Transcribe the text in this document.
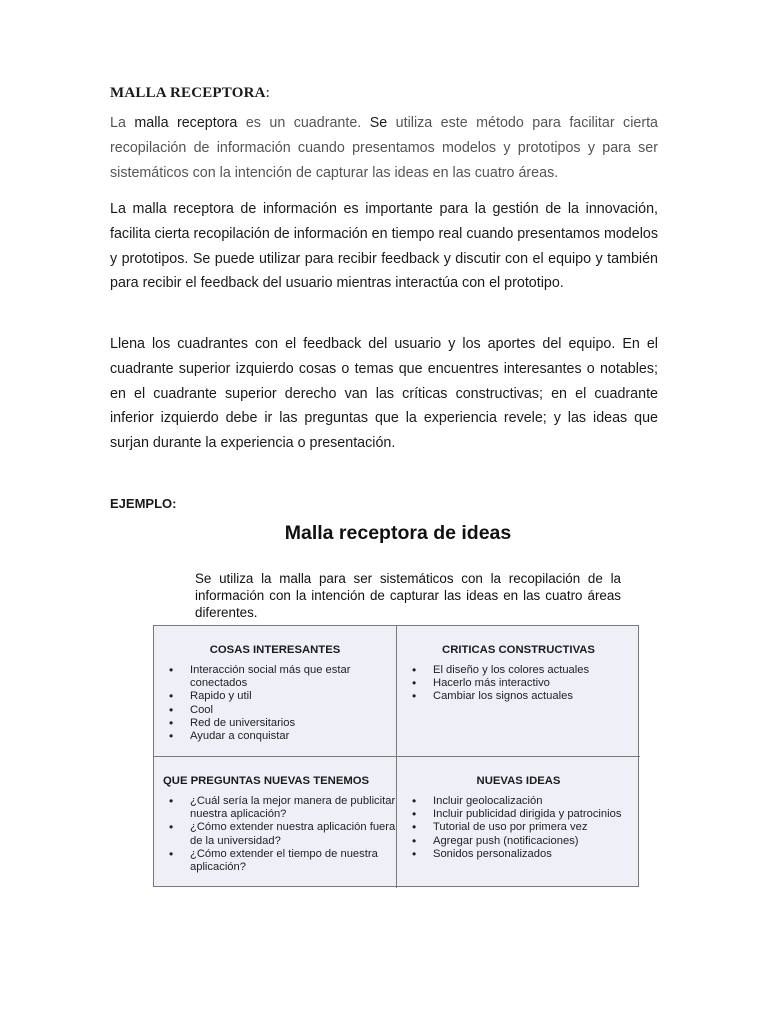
MALLA RECEPTORA:

La malla receptora es un cuadrante. Se utiliza este método para facilitar cierta recopilación de información cuando presentamos modelos y prototipos y para ser sistemáticos con la intención de capturar las ideas en las cuatro áreas.

La malla receptora de información es importante para la gestión de la innovación, facilita cierta recopilación de información en tiempo real cuando presentamos modelos y prototipos. Se puede utilizar para recibir feedback y discutir con el equipo y también para recibir el feedback del usuario mientras interactúa con el prototipo.

Llena los cuadrantes con el feedback del usuario y los aportes del equipo. En el cuadrante superior izquierdo cosas o temas que encuentres interesantes o notables; en el cuadrante superior derecho van las críticas constructivas; en el cuadrante inferior izquierdo debe ir las preguntas que la experiencia revele; y las ideas que surjan durante la experiencia o presentación.

EJEMPLO:
Malla receptora de ideas

Se utiliza la malla para ser sistemáticos con la recopilación de la información con la intención de capturar las ideas en las cuatro áreas diferentes.

COSAS INTERESANTES
• Interacción social más que estar conectados
• Rapido y util
• Cool
• Red de universitarios
• Ayudar a conquistar
CRITICAS CONSTRUCTIVAS
• El diseño y los colores actuales
• Hacerlo más interactivo
• Cambiar los signos actuales
QUE PREGUNTAS NUEVAS TENEMOS
• ¿Cuál sería la mejor manera de publicitar nuestra aplicación?
• ¿Cómo extender nuestra aplicación fuera de la universidad?
• ¿Cómo extender el tiempo de nuestra aplicación?
NUEVAS IDEAS
• Incluir geolocalización
• Incluir publicidad dirigida y patrocinios
• Tutorial de uso por primera vez
• Agregar push (notificaciones)
• Sonidos personalizados
